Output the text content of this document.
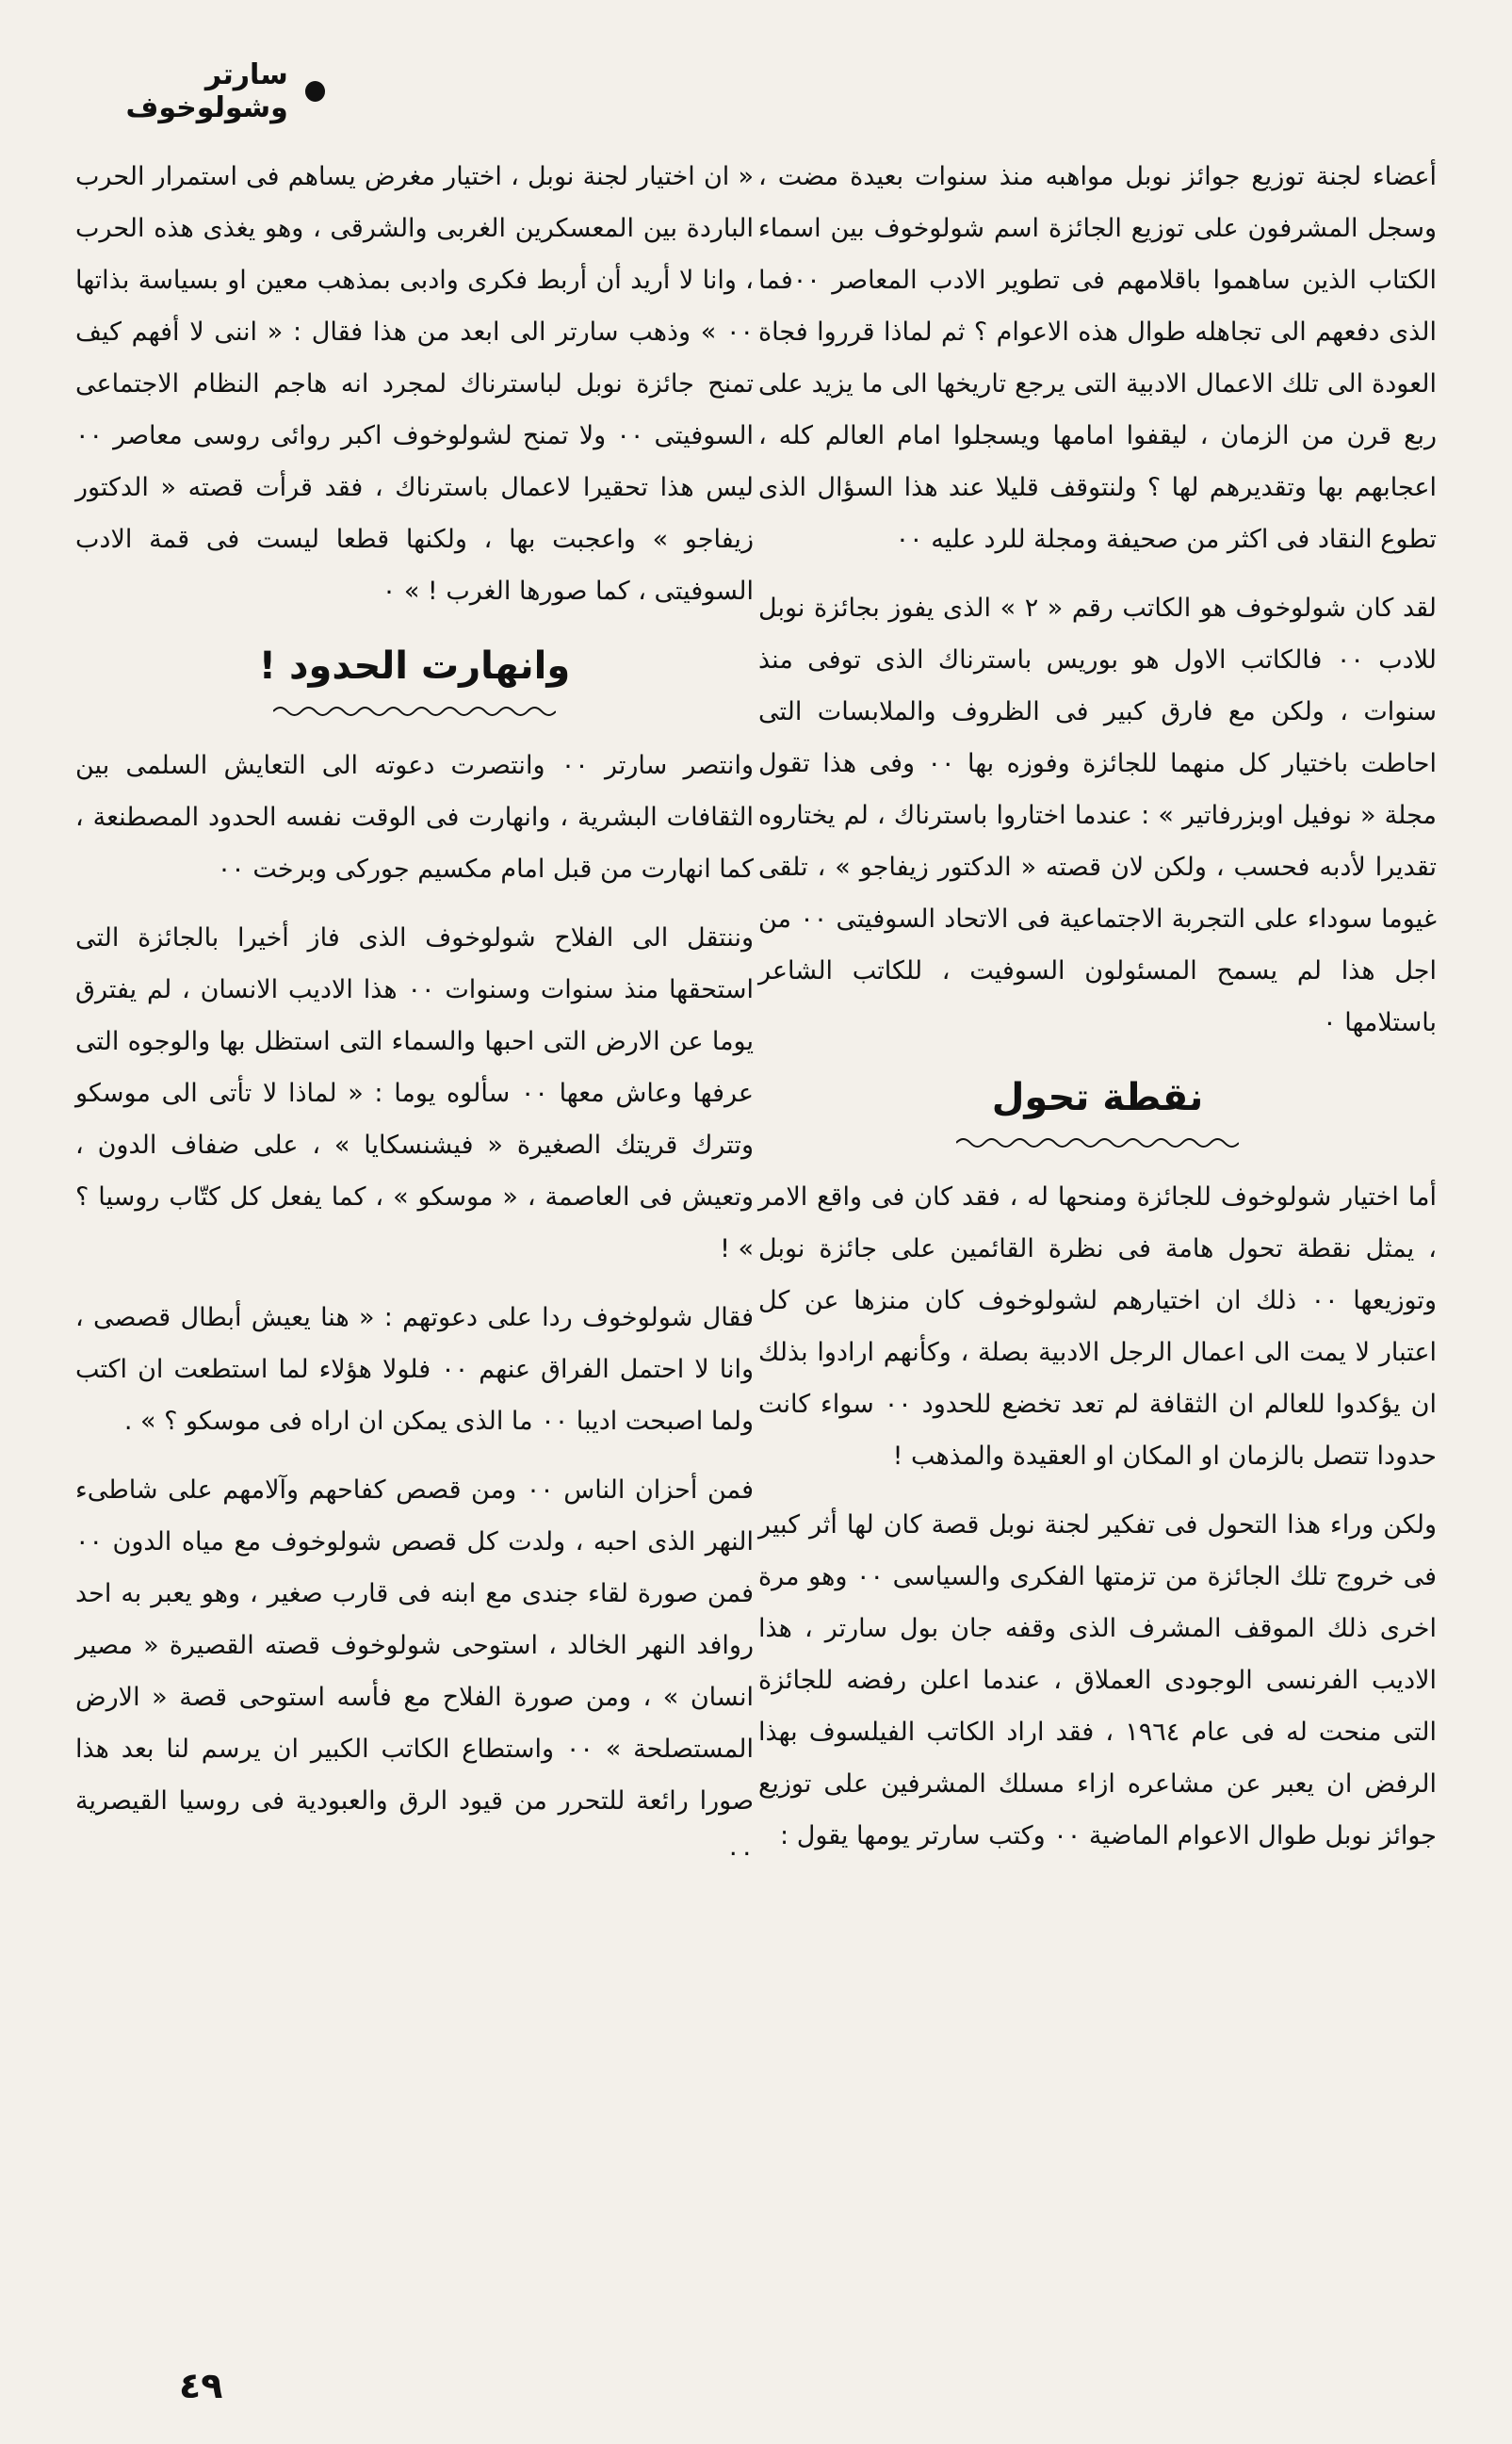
سارتر وشولوخوف

أعضاء لجنة توزيع جوائز نوبل مواهبه منذ سنوات بعيدة مضت ، وسجل المشرفون على توزيع الجائزة اسم شولوخوف بين اسماء الكتاب الذين ساهموا باقلامهم فى تطوير الادب المعاصر ٠٠فما الذى دفعهم الى تجاهله طوال هذه الاعوام ؟ ثم لماذا قرروا فجاة العودة الى تلك الاعمال الادبية التى يرجع تاريخها الى ما يزيد على ربع قرن من الزمان ، ليقفوا امامها ويسجلوا امام العالم كله ، اعجابهم بها وتقديرهم لها ؟ ولنتوقف قليلا عند هذا السؤال الذى تطوع النقاد فى اكثر من صحيفة ومجلة للرد عليه ٠٠

لقد كان شولوخوف هو الكاتب رقم « ٢ » الذى يفوز بجائزة نوبل للادب ٠٠ فالكاتب الاول هو بوريس باسترناك الذى توفى منذ سنوات ، ولكن مع فارق كبير فى الظروف والملابسات التى احاطت باختيار كل منهما للجائزة وفوزه بها ٠٠ وفى هذا تقول مجلة « نوفيل اوبزرفاتير » : عندما اختاروا باسترناك ، لم يختاروه تقديرا لأدبه فحسب ، ولكن لان قصته « الدكتور زيفاجو » ، تلقى غيوما سوداء على التجربة الاجتماعية فى الاتحاد السوفيتى ٠٠ من اجل هذا لم يسمح المسئولون السوفيت ، للكاتب الشاعر باستلامها ٠

نقطة تحول

أما اختيار شولوخوف للجائزة ومنحها له ، فقد كان فى واقع الامر ، يمثل نقطة تحول هامة فى نظرة القائمين على جائزة نوبل وتوزيعها ٠٠ ذلك ان اختيارهم لشولوخوف كان منزها عن كل اعتبار لا يمت الى اعمال الرجل الادبية بصلة ، وكأنهم ارادوا بذلك ان يؤكدوا للعالم ان الثقافة لم تعد تخضع للحدود ٠٠ سواء كانت حدودا تتصل بالزمان او المكان او العقيدة والمذهب !

ولكن وراء هذا التحول فى تفكير لجنة نوبل قصة كان لها أثر كبير فى خروج تلك الجائزة من تزمتها الفكرى والسياسى ٠٠ وهو مرة اخرى ذلك الموقف المشرف الذى وقفه جان بول سارتر ، هذا الاديب الفرنسى الوجودى العملاق ، عندما اعلن رفضه للجائزة التى منحت له فى عام ١٩٦٤ ، فقد اراد الكاتب الفيلسوف بهذا الرفض ان يعبر عن مشاعره ازاء مسلك المشرفين على توزيع جوائز نوبل طوال الاعوام الماضية ٠٠ وكتب سارتر يومها يقول :

« ان اختيار لجنة نوبل ، اختيار مغرض يساهم فى استمرار الحرب الباردة بين المعسكرين الغربى والشرقى ، وهو يغذى هذه الحرب ، وانا لا أريد أن أربط فكرى وادبى بمذهب معين او بسياسة بذاتها ٠٠ » وذهب سارتر الى ابعد من هذا فقال : « اننى لا أفهم كيف تمنح جائزة نوبل لباسترناك لمجرد انه هاجم النظام الاجتماعى السوفيتى ٠٠ ولا تمنح لشولوخوف اكبر روائى روسى معاصر ٠٠ ليس هذا تحقيرا لاعمال باسترناك ، فقد قرأت قصته « الدكتور زيفاجو » واعجبت بها ، ولكنها قطعا ليست فى قمة الادب السوفيتى ، كما صورها الغرب ! » ٠

وانهارت الحدود !

وانتصر سارتر ٠٠ وانتصرت دعوته الى التعايش السلمى بين الثقافات البشرية ، وانهارت فى الوقت نفسه الحدود المصطنعة ، كما انهارت من قبل امام مكسيم جوركى وبرخت ٠٠

وننتقل الى الفلاح شولوخوف الذى فاز أخيرا بالجائزة التى استحقها منذ سنوات وسنوات ٠٠ هذا الاديب الانسان ، لم يفترق يوما عن الارض التى احبها والسماء التى استظل بها والوجوه التى عرفها وعاش معها ٠٠ سألوه يوما : « لماذا لا تأتى الى موسكو وتترك قريتك الصغيرة « فيشنسكايا » ، على ضفاف الدون ، وتعيش فى العاصمة ، « موسكو » ، كما يفعل كل كتّاب روسيا ؟ » !

فقال شولوخوف ردا على دعوتهم : « هنا يعيش أبطال قصصى ، وانا لا احتمل الفراق عنهم ٠٠ فلولا هؤلاء لما استطعت ان اكتب ولما اصبحت اديبا ٠٠ ما الذى يمكن ان اراه فى موسكو ؟ » .

فمن أحزان الناس ٠٠ ومن قصص كفاحهم وآلامهم على شاطىء النهر الذى احبه ، ولدت كل قصص شولوخوف مع مياه الدون ٠٠ فمن صورة لقاء جندى مع ابنه فى قارب صغير ، وهو يعبر به احد روافد النهر الخالد ، استوحى شولوخوف قصته القصيرة « مصير انسان » ، ومن صورة الفلاح مع فأسه استوحى قصة « الارض المستصلحة » ٠٠ واستطاع الكاتب الكبير ان يرسم لنا بعد هذا صورا رائعة للتحرر من قيود الرق والعبودية فى روسيا القيصرية ٠٠

٤٩
